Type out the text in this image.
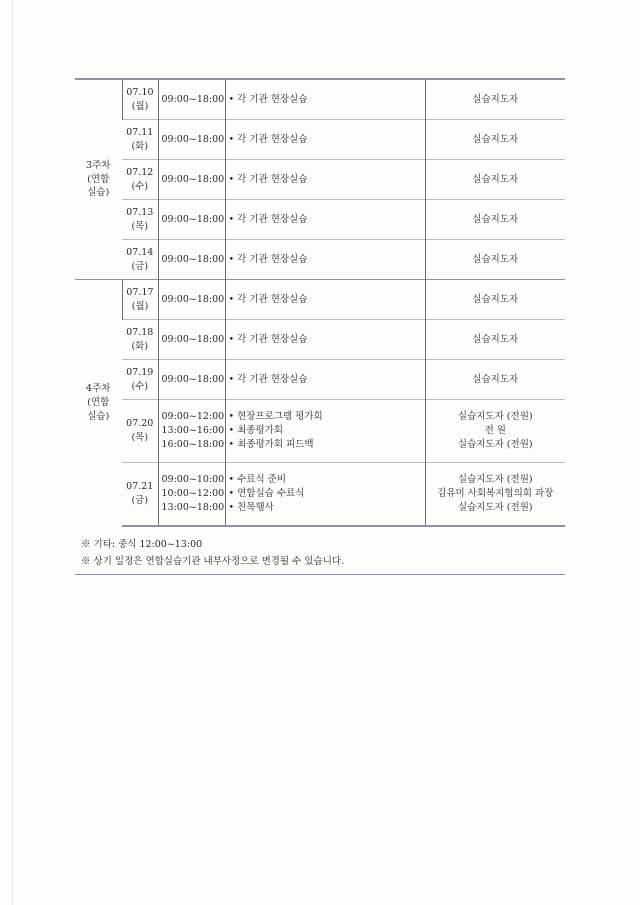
3주차
(연합
실습)	07.10
(월)	09:00~18:00	• 각 기관 현장실습	실습지도자

	07.11
(화)	09:00~18:00	• 각 기관 현장실습	실습지도자

	07.12
(수)	09:00~18:00	• 각 기관 현장실습	실습지도자

	07.13
(목)	09:00~18:00	• 각 기관 현장실습	실습지도자

	07.14
(금)	09:00~18:00	• 각 기관 현장실습	실습지도자

4주차
(연합
실습)	07.17
(월)	09:00~18:00	• 각 기관 현장실습	실습지도자

	07.18
(화)	09:00~18:00	• 각 기관 현장실습	실습지도자

	07.19
(수)	09:00~18:00	• 각 기관 현장실습	실습지도자

	07.20
(목)	09:00~12:00
13:00~16:00
16:00~18:00	• 현장프로그램 평가회
• 최종평가회
• 최종평가회 피드백	실습지도자 (전원)
전 원
실습지도자 (전원)

	07.21
(금)	09:00~10:00
10:00~12:00
13:00~18:00	• 수료식 준비
• 연합실습 수료식
• 친목행사	실습지도자 (전원)
김유미 사회복지협의회 과장
실습지도자 (전원)
※ 기타: 중식 12:00~13:00
※ 상기 일정은 연합실습기관 내부사정으로 변경될 수 있습니다.
